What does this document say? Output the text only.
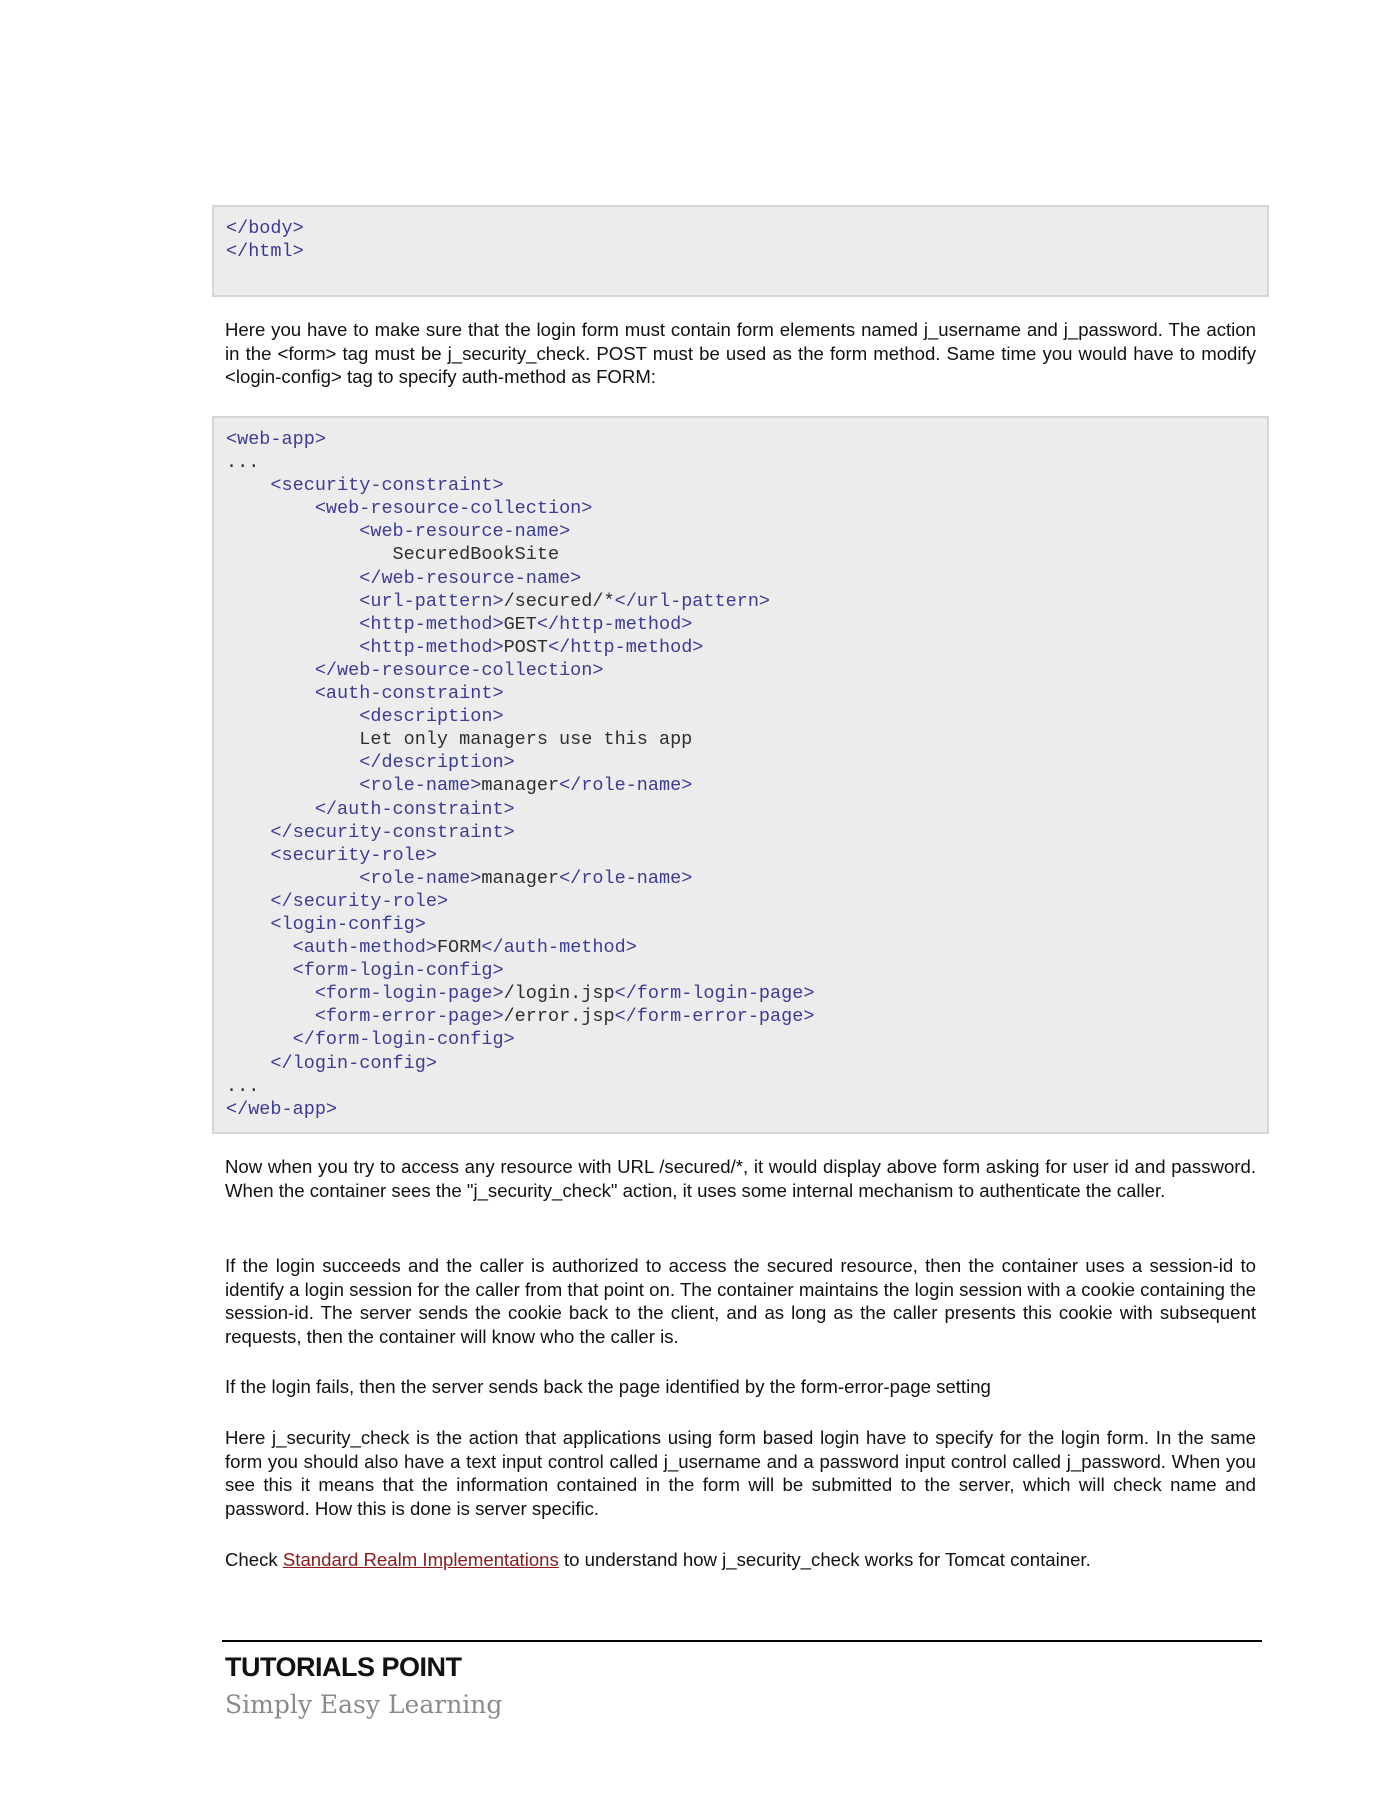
</body>
</html>
Here you have to make sure that the login form must contain form elements named j_username and j_password. The action in the <form> tag must be j_security_check. POST must be used as the form method. Same time you would have to modify <login-config> tag to specify auth-method as FORM:
<web-app>
...
<security-constraint>
<web-resource-collection>
<web-resource-name>
SecuredBookSite
</web-resource-name>
<url-pattern>/secured/*</url-pattern>
<http-method>GET</http-method>
<http-method>POST</http-method>
</web-resource-collection>
<auth-constraint>
<description>
Let only managers use this app
</description>
<role-name>manager</role-name>
</auth-constraint>
</security-constraint>
<security-role>
<role-name>manager</role-name>
</security-role>
<login-config>
<auth-method>FORM</auth-method>
<form-login-config>
<form-login-page>/login.jsp</form-login-page>
<form-error-page>/error.jsp</form-error-page>
</form-login-config>
</login-config>
...
</web-app>
Now when you try to access any resource with URL /secured/*, it would display above form asking for user id and password. When the container sees the "j_security_check" action, it uses some internal mechanism to authenticate the caller.
If the login succeeds and the caller is authorized to access the secured resource, then the container uses a session-id to identify a login session for the caller from that point on. The container maintains the login session with a cookie containing the session-id. The server sends the cookie back to the client, and as long as the caller presents this cookie with subsequent requests, then the container will know who the caller is.
If the login fails, then the server sends back the page identified by the form-error-page setting
Here j_security_check is the action that applications using form based login have to specify for the login form. In the same form you should also have a text input control called j_username and a password input control called j_password. When you see this it means that the information contained in the form will be submitted to the server, which will check name and password. How this is done is server specific.
Check Standard Realm Implementations to understand how j_security_check works for Tomcat container.
TUTORIALS POINT
Simply Easy Learning
